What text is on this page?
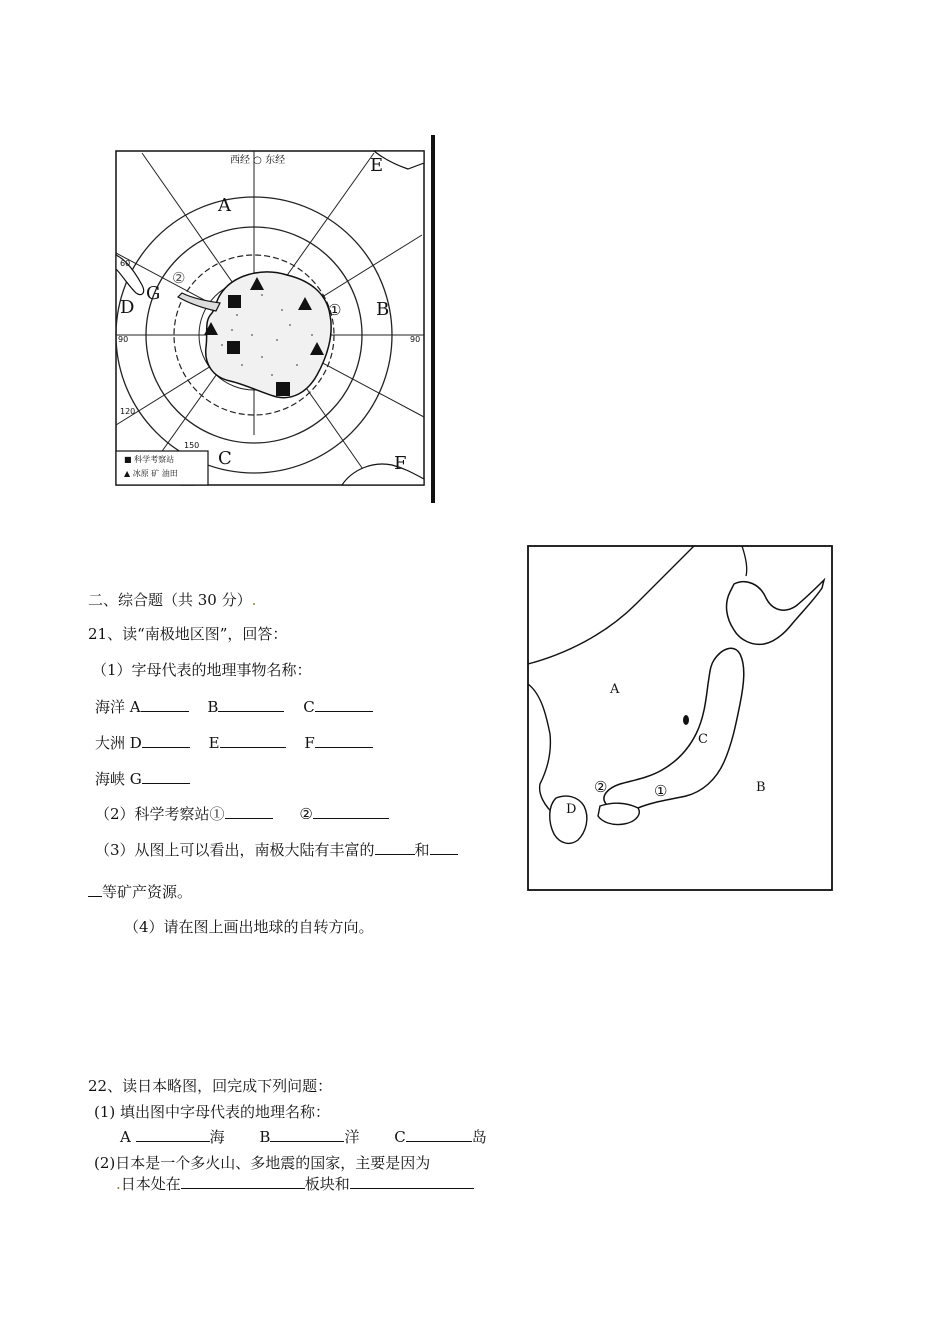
西经 ○ 东经	E
A
B
D
G
C	F
①
②
60
90	90
120
150
■ 科学考察站
▲ 冰原 矿 油田
A
B
C
D
①
②
二、综合题（共 30 分）.
21、读“南极地区图”，回答：
（1）字母代表的地理事物名称：
海洋 A	B	C
大洲 D	E	F
海峡 G
（2）科学考察站①	②
（3）从图上可以看出，南极大陆有丰富的	和
等矿产资源。
（4）请在图上画出地球的自转方向。
22、读日本略图，回完成下列问题：
(1) 填出图中字母代表的地理名称：
A	海 B	洋 C	岛
(2)日本是一个多火山、多地震的国家，主要是因为
.日本处在	板块和
